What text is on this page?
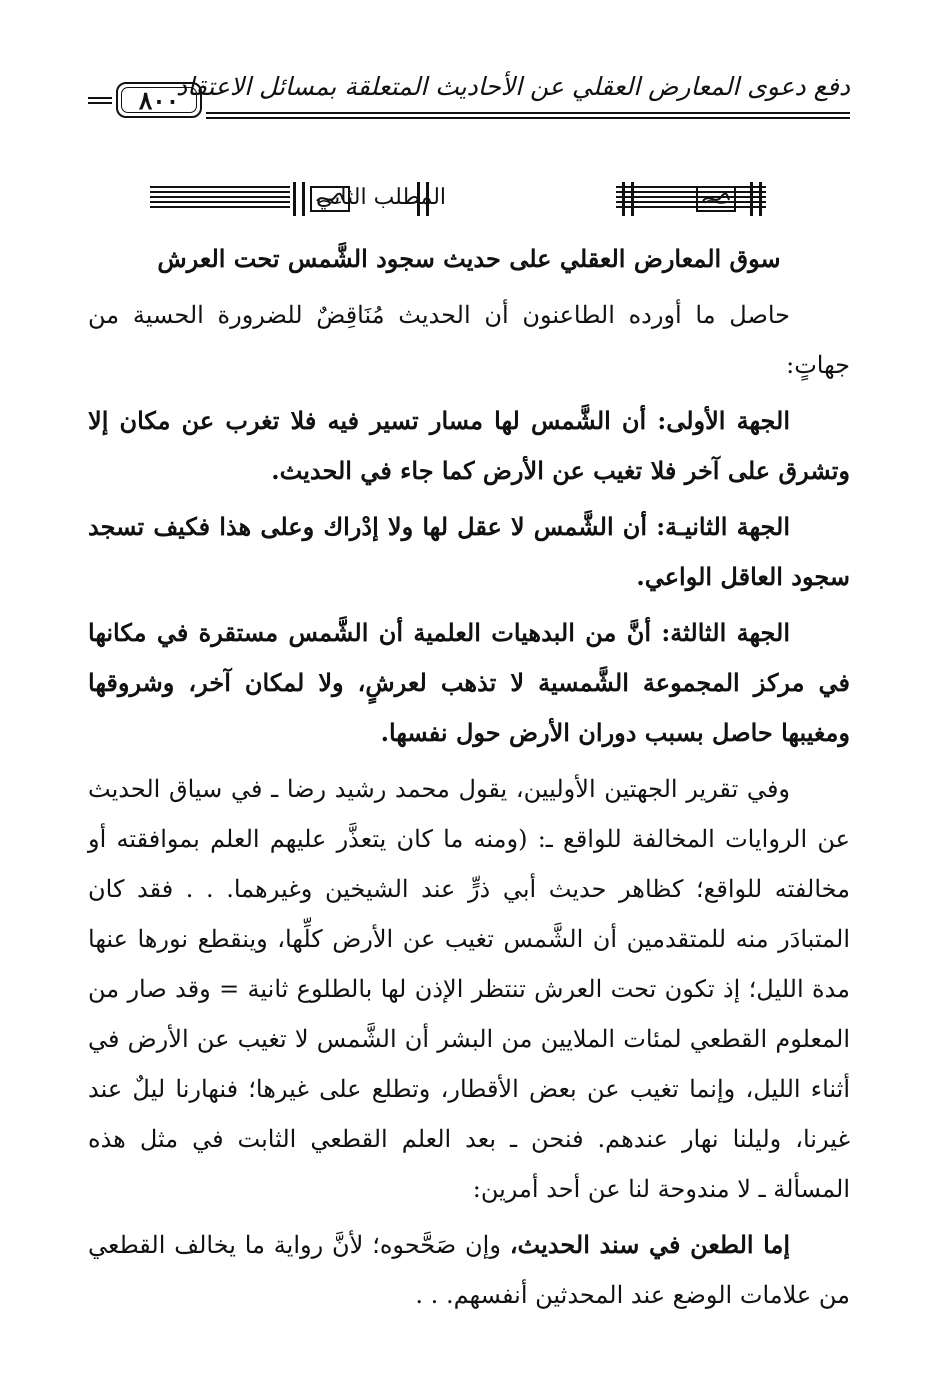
٨٠٠
دفع دعوى المعارض العقلي عن الأحاديث المتعلقة بمسائل الاعتقاد
المطلب الثاني

سوق المعارض العقلي على حديث سجود الشَّمس تحت العرش

حاصل ما أورده الطاعنون أن الحديث مُنَاقِضٌ للضرورة الحسية من جهاتٍ:

الجهة الأولى: أن الشَّمس لها مسار تسير فيه فلا تغرب عن مكان إلا وتشرق على آخر فلا تغيب عن الأرض كما جاء في الحديث.

الجهة الثانيـة: أن الشَّمس لا عقل لها ولا إدْراك وعلى هذا فكيف تسجد سجود العاقل الواعي.

الجهة الثالثة: أنَّ من البدهيات العلمية أن الشَّمس مستقرة في مكانها في مركز المجموعة الشَّمسية لا تذهب لعرشٍ، ولا لمكان آخر، وشروقها ومغيبها حاصل بسبب دوران الأرض حول نفسها.

وفي تقرير الجهتين الأوليين، يقول محمد رشيد رضا ـ في سياق الحديث عن الروايات المخالفة للواقع ـ: (ومنه ما كان يتعذَّر عليهم العلم بموافقته أو مخالفته للواقع؛ كظاهر حديث أبي ذرٍّ عند الشيخين وغيرهما. . . فقد كان المتبادَر منه للمتقدمين أن الشَّمس تغيب عن الأرض كلِّها، وينقطع نورها عنها مدة الليل؛ إذ تكون تحت العرش تنتظر الإذن لها بالطلوع ثانية = وقد صار من المعلوم القطعي لمئات الملايين من البشر أن الشَّمس لا تغيب عن الأرض في أثناء الليل، وإنما تغيب عن بعض الأقطار، وتطلع على غيرها؛ فنهارنا ليلٌ عند غيرنا، وليلنا نهار عندهم. فنحن ـ بعد العلم القطعي الثابت في مثل هذه المسألة ـ لا مندوحة لنا عن أحد أمرين:

إما الطعن في سند الحديث، وإن صَحَّحوه؛ لأنَّ رواية ما يخالف القطعي من علامات الوضع عند المحدثين أنفسهم. . .
